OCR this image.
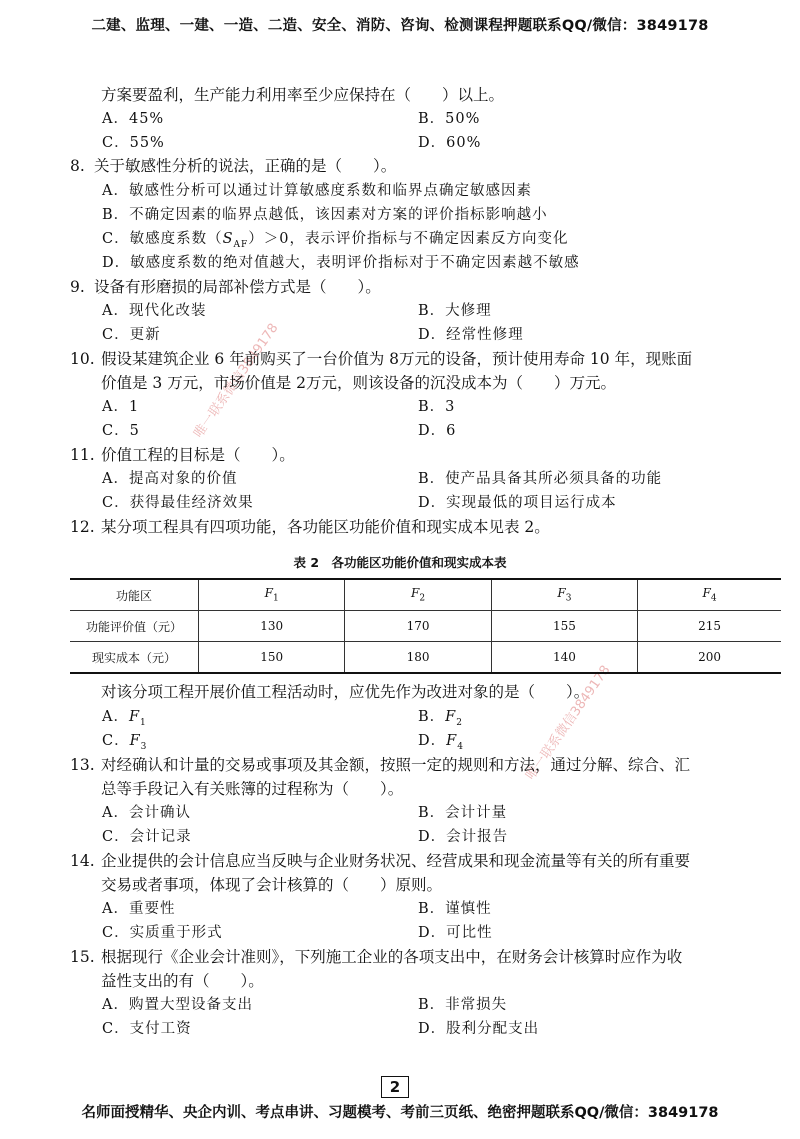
二建、监理、一建、一造、二造、安全、消防、咨询、检测课程押题联系QQ/微信：3849178
唯一联系微信3849178
唯一联系微信3849178
方案要盈利，生产能力利用率至少应保持在（　　）以上。
A．45%	B．50%
C．55%	D．60%
8. 关于敏感性分析的说法，正确的是（　　）。
A．敏感性分析可以通过计算敏感度系数和临界点确定敏感因素
B．不确定因素的临界点越低，该因素对方案的评价指标影响越小
C．敏感度系数$(S_{AF})>0$，表示评价指标与不确定因素反方向变化
D．敏感度系数的绝对值越大，表明评价指标对于不确定因素越不敏感
9. 设备有形磨损的局部补偿方式是（　　）。
A．现代化改装	B．大修理
C．更新	D．经常性修理
10. 假设某建筑企业 6 年前购买了一台价值为 8万元的设备，预计使用寿命 10 年，现账面
价值是 3 万元，市场价值是 2万元，则该设备的沉没成本为（　　）万元。
A．1	B．3
C．5	D．6
11. 价值工程的目标是（　　）。
A．提高对象的价值	B．使产品具备其所必须具备的功能
C．获得最佳经济效果	D．实现最低的项目运行成本
12. 某分项工程具有四项功能，各功能区功能价值和现实成本见表 2。
表 2　各功能区功能价值和现实成本表
功能区	$F_1$	$F_2$	$F_3$	$F_4$
功能评价值（元）	130	170	155	215
现实成本（元）	150	180	140	200
对该分项工程开展价值工程活动时，应优先作为改进对象的是（　　）。
A．$F_1$	B．$F_2$
C．$F_3$	D．$F_4$
13. 对经确认和计量的交易或事项及其金额，按照一定的规则和方法，通过分解、综合、汇
总等手段记入有关账簿的过程称为（　　）。
A．会计确认	B．会计计量
C．会计记录	D．会计报告
14. 企业提供的会计信息应当反映与企业财务状况、经营成果和现金流量等有关的所有重要
交易或者事项，体现了会计核算的（　　）原则。
A．重要性	B．谨慎性
C．实质重于形式	D．可比性
15. 根据现行《企业会计准则》，下列施工企业的各项支出中，在财务会计核算时应作为收
益性支出的有（　　）。
A．购置大型设备支出	B．非常损失
C．支付工资	D．股利分配支出
2
名师面授精华、央企内训、考点串讲、习题模考、考前三页纸、绝密押题联系QQ/微信：3849178
